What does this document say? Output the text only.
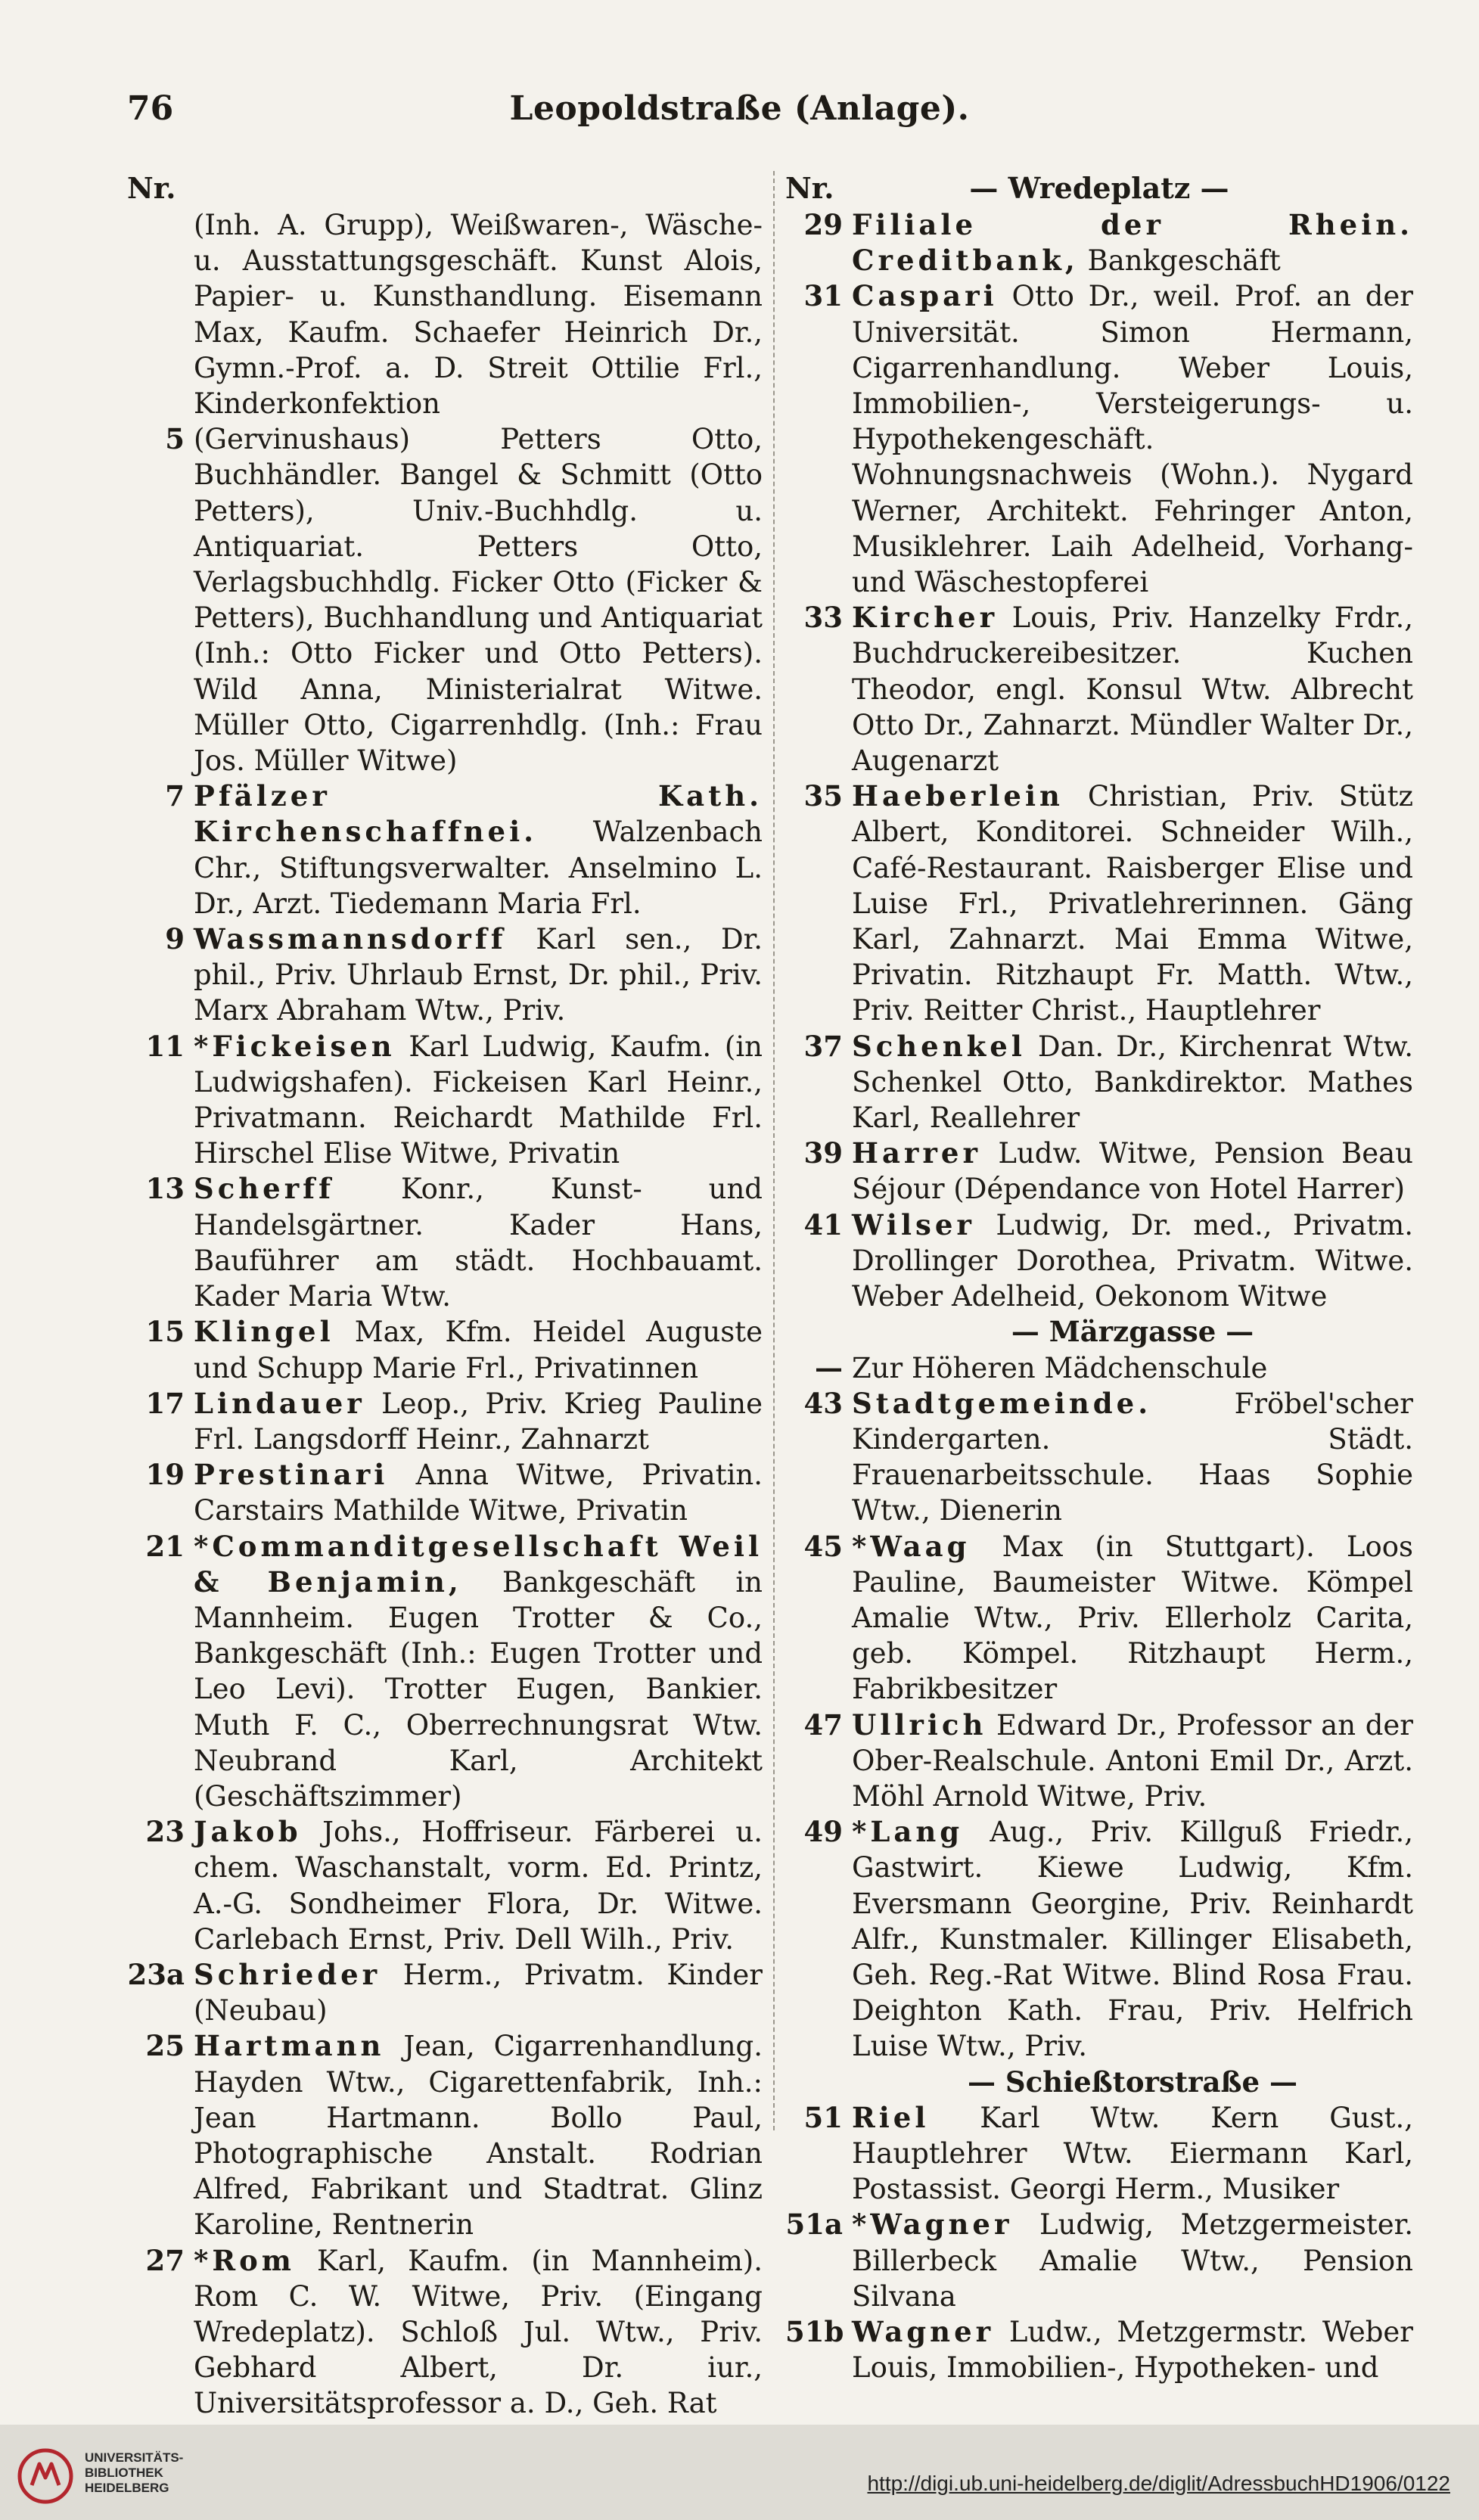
76	Leopoldstraße (Anlage).
Nr.
(Inh. A. Grupp), Weißwaren-, Wäsche- u. Ausstattungsgeschäft. Kunst Alois, Papier- u. Kunsthandlung. Eisemann Max, Kaufm. Schaefer Heinrich Dr., Gymn.-Prof. a. D. Streit Ottilie Frl., Kinderkonfektion
5 (Gervinushaus) Petters Otto, Buchhändler. Bangel & Schmitt (Otto Petters), Univ.-Buchhdlg. u. Antiquariat. Petters Otto, Verlagsbuchhdlg. Ficker Otto (Ficker & Petters), Buchhandlung und Antiquariat (Inh.: Otto Ficker und Otto Petters). Wild Anna, Ministerialrat Witwe. Müller Otto, Cigarrenhdlg. (Inh.: Frau Jos. Müller Witwe)
7 Pfälzer Kath. Kirchenschaffnei. Walzenbach Chr., Stiftungsverwalter. Anselmino L. Dr., Arzt. Tiedemann Maria Frl.
9 Wassmannsdorff Karl sen., Dr. phil., Priv. Uhrlaub Ernst, Dr. phil., Priv. Marx Abraham Wtw., Priv.
11 *Fickeisen Karl Ludwig, Kaufm. (in Ludwigshafen). Fickeisen Karl Heinr., Privatmann. Reichardt Mathilde Frl. Hirschel Elise Witwe, Privatin
13 Scherff Konr., Kunst- und Handelsgärtner. Kader Hans, Bauführer am städt. Hochbauamt. Kader Maria Wtw.
15 Klingel Max, Kfm. Heidel Auguste und Schupp Marie Frl., Privatinnen
17 Lindauer Leop., Priv. Krieg Pauline Frl. Langsdorff Heinr., Zahnarzt
19 Prestinari Anna Witwe, Privatin. Carstairs Mathilde Witwe, Privatin
21 *Commanditgesellschaft Weil & Benjamin, Bankgeschäft in Mannheim. Eugen Trotter & Co., Bankgeschäft (Inh.: Eugen Trotter und Leo Levi). Trotter Eugen, Bankier. Muth F. C., Oberrechnungsrat Wtw. Neubrand Karl, Architekt (Geschäftszimmer)
23 Jakob Johs., Hoffriseur. Färberei u. chem. Waschanstalt, vorm. Ed. Printz, A.-G. Sondheimer Flora, Dr. Witwe. Carlebach Ernst, Priv. Dell Wilh., Priv.
23a Schrieder Herm., Privatm. Kinder (Neubau)
25 Hartmann Jean, Cigarrenhandlung. Hayden Wtw., Cigarettenfabrik, Inh.: Jean Hartmann. Bollo Paul, Photographische Anstalt. Rodrian Alfred, Fabrikant und Stadtrat. Glinz Karoline, Rentnerin
27 *Rom Karl, Kaufm. (in Mannheim). Rom C. W. Witwe, Priv. (Eingang Wredeplatz). Schloß Jul. Wtw., Priv. Gebhard Albert, Dr. iur., Universitätsprofessor a. D., Geh. Rat
Nr.	— Wredeplatz —
29 Filiale der Rhein. Creditbank, Bankgeschäft
31 Caspari Otto Dr., weil. Prof. an der Universität. Simon Hermann, Cigarrenhandlung. Weber Louis, Immobilien-, Versteigerungs- u. Hypothekengeschäft. Wohnungsnachweis (Wohn.). Nygard Werner, Architekt. Fehringer Anton, Musiklehrer. Laih Adelheid, Vorhang- und Wäschestopferei
33 Kircher Louis, Priv. Hanzelky Frdr., Buchdruckereibesitzer. Kuchen Theodor, engl. Konsul Wtw. Albrecht Otto Dr., Zahnarzt. Mündler Walter Dr., Augenarzt
35 Haeberlein Christian, Priv. Stütz Albert, Konditorei. Schneider Wilh., Café-Restaurant. Raisberger Elise und Luise Frl., Privatlehrerinnen. Gäng Karl, Zahnarzt. Mai Emma Witwe, Privatin. Ritzhaupt Fr. Matth. Wtw., Priv. Reitter Christ., Hauptlehrer
37 Schenkel Dan. Dr., Kirchenrat Wtw. Schenkel Otto, Bankdirektor. Mathes Karl, Reallehrer
39 Harrer Ludw. Witwe, Pension Beau Séjour (Dépendance von Hotel Harrer)
41 Wilser Ludwig, Dr. med., Privatm. Drollinger Dorothea, Privatm. Witwe. Weber Adelheid, Oekonom Witwe
— Märzgasse —
— Zur Höheren Mädchenschule
43 Stadtgemeinde. Fröbel'scher Kindergarten. Städt. Frauenarbeitsschule. Haas Sophie Wtw., Dienerin
45 *Waag Max (in Stuttgart). Loos Pauline, Baumeister Witwe. Kömpel Amalie Wtw., Priv. Ellerholz Carita, geb. Kömpel. Ritzhaupt Herm., Fabrikbesitzer
47 Ullrich Edward Dr., Professor an der Ober-Realschule. Antoni Emil Dr., Arzt. Möhl Arnold Witwe, Priv.
49 *Lang Aug., Priv. Killguß Friedr., Gastwirt. Kiewe Ludwig, Kfm. Eversmann Georgine, Priv. Reinhardt Alfr., Kunstmaler. Killinger Elisabeth, Geh. Reg.-Rat Witwe. Blind Rosa Frau. Deighton Kath. Frau, Priv. Helfrich Luise Wtw., Priv.
— Schießtorstraße —
51 Riel Karl Wtw. Kern Gust., Hauptlehrer Wtw. Eiermann Karl, Postassist. Georgi Herm., Musiker
51a *Wagner Ludwig, Metzgermeister. Billerbeck Amalie Wtw., Pension Silvana
51b Wagner Ludw., Metzgermstr. Weber Louis, Immobilien-, Hypotheken- und
UNIVERSITÄTS-
BIBLIOTHEK
HEIDELBERG	http://digi.ub.uni-heidelberg.de/diglit/AdressbuchHD1906/0122
